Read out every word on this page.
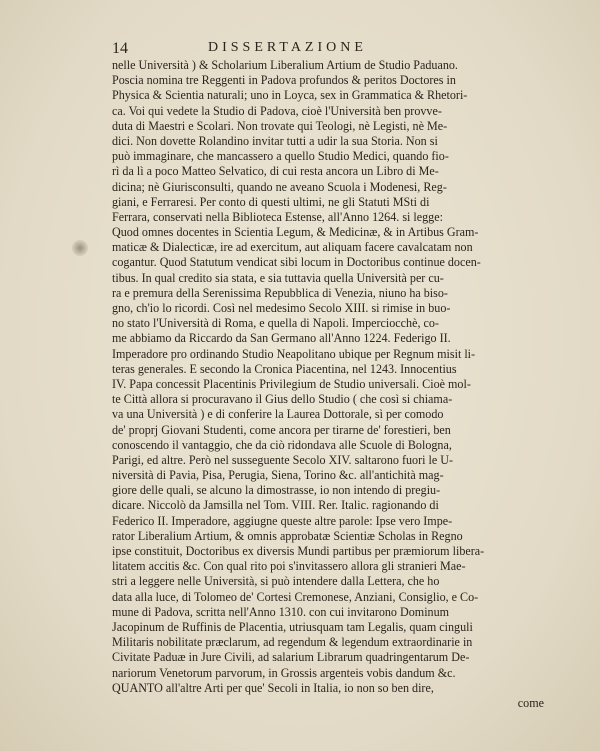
14	DISSERTAZIONE
nelle Università ) & Scholarium Liberalium Artium de Studio Paduano.
Poscia nomina tre Reggenti in Padova profundos & peritos Doctores in
Physica & Scientia naturali; uno in Loyca, sex in Grammatica & Rhetori-
ca. Voi qui vedete la Studio di Padova, cioè l'Università ben provve-
duta di Maestri e Scolari. Non trovate qui Teologi, nè Legisti, nè Me-
dici. Non dovette Rolandino invitar tutti a udir la sua Storia. Non si
può immaginare, che mancassero a quello Studio Medici, quando fio-
rì da lì a poco Matteo Selvatico, di cui resta ancora un Libro di Me-
dicina; nè Giurisconsulti, quando ne aveano Scuola i Modenesi, Reg-
giani, e Ferraresi. Per conto di questi ultimi, ne gli Statuti MSti di
Ferrara, conservati nella Biblioteca Estense, all'Anno 1264. si legge:
Quod omnes docentes in Scientia Legum, & Medicinæ, & in Artibus Gram-
maticæ & Dialecticæ, ire ad exercitum, aut aliquam facere cavalcatam non
cogantur. Quod Statutum vendicat sibi locum in Doctoribus continue docen-
tibus. In qual credito sia stata, e sia tuttavia quella Università per cu-
ra e premura della Serenissima Repubblica di Venezia, niuno ha biso-
gno, ch'io lo ricordi. Così nel medesimo Secolo XIII. si rimise in buo-
no stato l'Università di Roma, e quella di Napoli. Imperciocchè, co-
me abbiamo da Riccardo da San Germano all'Anno 1224. Federigo II.
Imperadore pro ordinando Studio Neapolitano ubique per Regnum misit li-
teras generales. E secondo la Cronica Piacentina, nel 1243. Innocentius
IV. Papa concessit Placentinis Privilegium de Studio universali. Cioè mol-
te Città allora si procuravano il Gius dello Studio ( che così si chiama-
va una Università ) e di conferire la Laurea Dottorale, sì per comodo
de' proprj Giovani Studenti, come ancora per tirarne de' forestieri, ben
conoscendo il vantaggio, che da ciò ridondava alle Scuole di Bologna,
Parigi, ed altre. Però nel susseguente Secolo XIV. saltarono fuori le U-
niversità di Pavia, Pisa, Perugia, Siena, Torino &c. all'antichità mag-
giore delle quali, se alcuno la dimostrasse, io non intendo di pregiu-
dicare. Niccolò da Jamsilla nel Tom. VIII. Rer. Italic. ragionando di
Federico II. Imperadore, aggiugne queste altre parole: Ipse vero Impe-
rator Liberalium Artium, & omnis approbatæ Scientiæ Scholas in Regno
ipse constituit, Doctoribus ex diversis Mundi partibus per præmiorum libera-
litatem accitis &c. Con qual rito poi s'invitassero allora gli stranieri Mae-
stri a leggere nelle Università, si può intendere dalla Lettera, che ho
data alla luce, di Tolomeo de' Cortesi Cremonese, Anziani, Consiglio, e Co-
mune di Padova, scritta nell'Anno 1310. con cui invitarono Dominum
Jacopinum de Ruffinis de Placentia, utriusquam tam Legalis, quam cinguli
Militaris nobilitate præclarum, ad regendum & legendum extraordinarie in
Civitate Paduæ in Jure Civili, ad salarium Librarum quadringentarum De-
nariorum Venetorum parvorum, in Grossis argenteis vobis dandum &c.
QUANTO all'altre Arti per que' Secoli in Italia, io non so ben dire,
come
